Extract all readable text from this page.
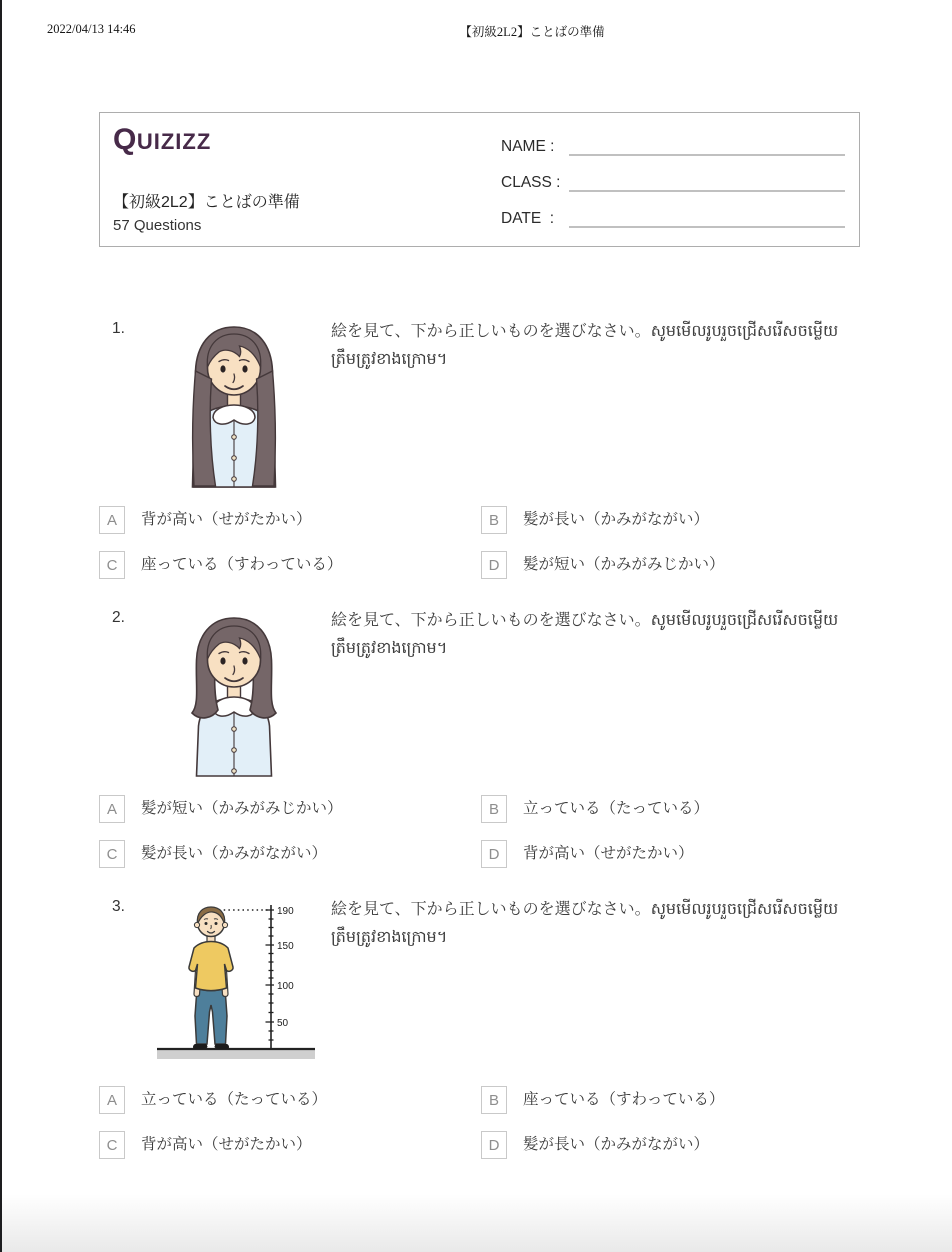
2022/04/13 14:46	【初級2L2】ことばの準備
QUIZIZZ
【初級2L2】ことばの準備
57 Questions
NAME :
CLASS :
DATE  :
1.	絵を見て、下から正しいものを選びなさい。សូមមើលរូបរួចជ្រើសរើសចម្លើយត្រឹមត្រូវខាងក្រោម។
A	背が高い（せがたかい）	B	髪が長い（かみがながい）
C	座っている（すわっている）	D	髪が短い（かみがみじかい）
2.	絵を見て、下から正しいものを選びなさい。សូមមើលរូបរួចជ្រើសរើសចម្លើយត្រឹមត្រូវខាងក្រោម។
A	髪が短い（かみがみじかい）	B	立っている（たっている）
C	髪が長い（かみがながい）	D	背が高い（せがたかい）
3.	190
150
100
50
絵を見て、下から正しいものを選びなさい。សូមមើលរូបរួចជ្រើសរើសចម្លើយត្រឹមត្រូវខាងក្រោម។
A	立っている（たっている）	B	座っている（すわっている）
C	背が高い（せがたかい）	D	髪が長い（かみがながい）
